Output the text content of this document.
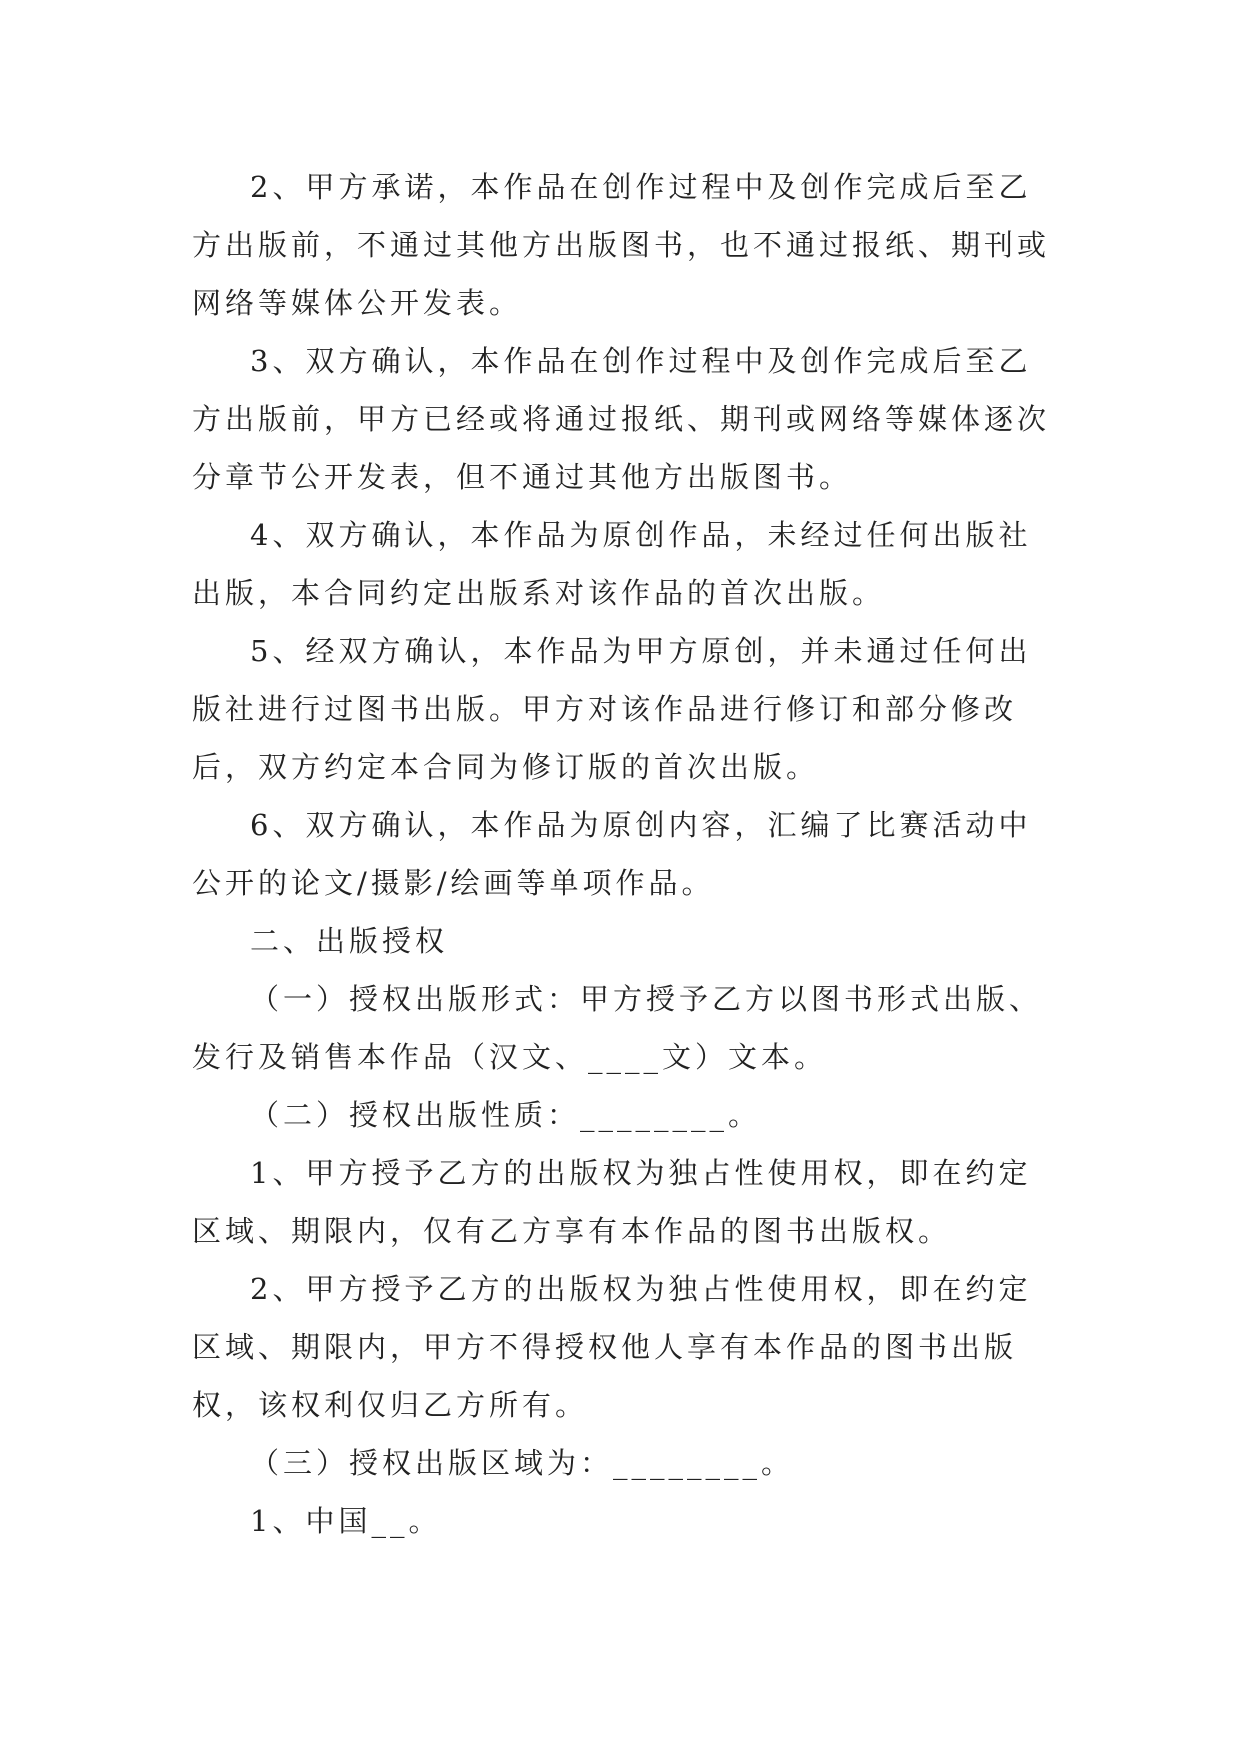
2、甲方承诺，本作品在创作过程中及创作完成后至乙方出版前，不通过其他方出版图书，也不通过报纸、期刊或网络等媒体公开发表。

3、双方确认，本作品在创作过程中及创作完成后至乙方出版前，甲方已经或将通过报纸、期刊或网络等媒体逐次分章节公开发表，但不通过其他方出版图书。

4、双方确认，本作品为原创作品，未经过任何出版社出版，本合同约定出版系对该作品的首次出版。

5、经双方确认，本作品为甲方原创，并未通过任何出版社进行过图书出版。甲方对该作品进行修订和部分修改后，双方约定本合同为修订版的首次出版。

6、双方确认，本作品为原创内容，汇编了比赛活动中公开的论文/摄影/绘画等单项作品。

二、出版授权

（一）授权出版形式：甲方授予乙方以图书形式出版、发行及销售本作品（汉文、____文）文本。

（二）授权出版性质：________。

1、甲方授予乙方的出版权为独占性使用权，即在约定区域、期限内，仅有乙方享有本作品的图书出版权。

2、甲方授予乙方的出版权为独占性使用权，即在约定区域、期限内，甲方不得授权他人享有本作品的图书出版权，该权利仅归乙方所有。

（三）授权出版区域为：________。

1、中国__。
